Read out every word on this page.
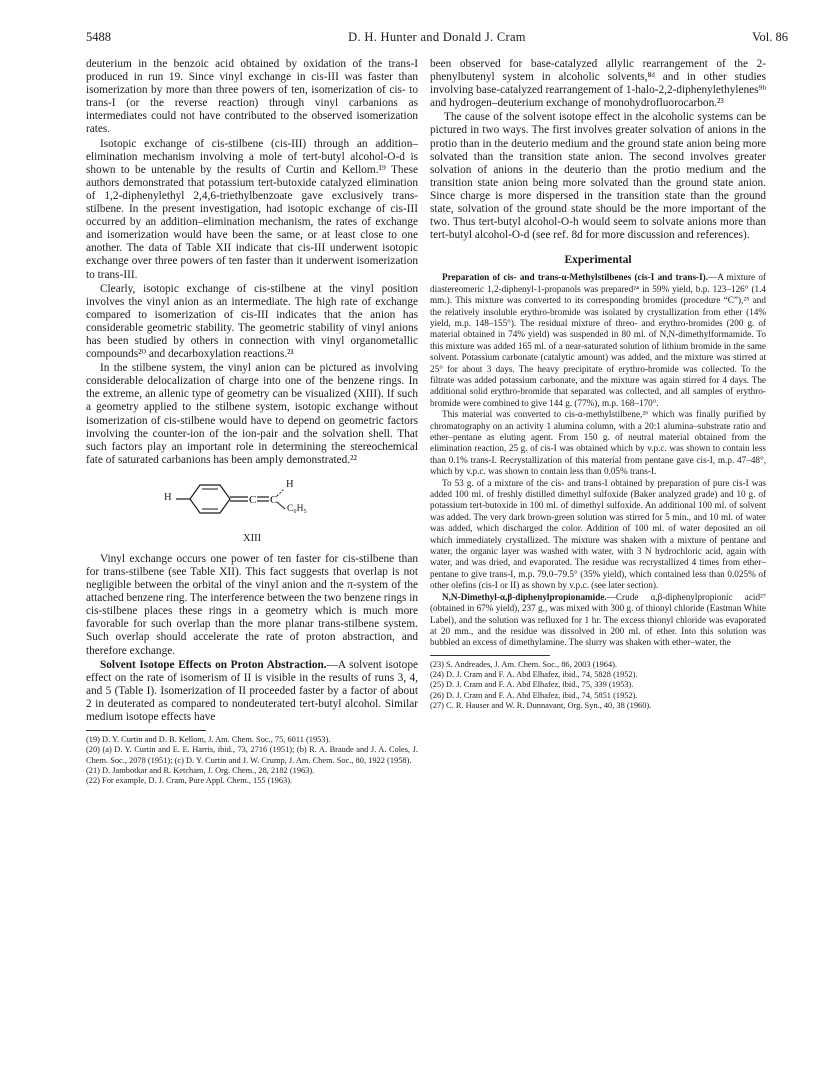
5488	D. H. Hunter and Donald J. Cram	Vol. 86

deuterium in the benzoic acid obtained by oxidation of the trans-I produced in run 19. Since vinyl exchange in cis-III was faster than isomerization by more than three powers of ten, isomerization of cis- to trans-I (or the reverse reaction) through vinyl carbanions as intermediates could not have contributed to the observed isomerization rates.

Isotopic exchange of cis-stilbene (cis-III) through an addition–elimination mechanism involving a mole of tert-butyl alcohol-O-d is shown to be untenable by the results of Curtin and Kellom.¹⁹ These authors demonstrated that potassium tert-butoxide catalyzed elimination of 1,2-diphenylethyl 2,4,6-triethylbenzoate gave exclusively trans-stilbene. In the present investigation, had isotopic exchange of cis-III occurred by an addition–elimination mechanism, the rates of exchange and isomerization would have been the same, or at least close to one another. The data of Table XII indicate that cis-III underwent isotopic exchange over three powers of ten faster than it underwent isomerization to trans-III.

Clearly, isotopic exchange of cis-stilbene at the vinyl position involves the vinyl anion as an intermediate. The high rate of exchange compared to isomerization of cis-III indicates that the anion has considerable geometric stability. The geometric stability of vinyl anions has been studied by others in connection with vinyl organometallic compounds²⁰ and decarboxylation reactions.²¹

In the stilbene system, the vinyl anion can be pictured as involving considerable delocalization of charge into one of the benzene rings. In the extreme, an allenic type of geometry can be visualized (XIII). If such a geometry applied to the stilbene system, isotopic exchange without isomerization of cis-stilbene would have to depend on geometric factors involving the counter-ion of the ion-pair and the solvation shell. That such factors play an important role in determining the stereochemical fate of saturated carbanions has been amply demonstrated.²²

C C
H
H
C₆H₅
XIII

Vinyl exchange occurs one power of ten faster for cis-stilbene than for trans-stilbene (see Table XII). This fact suggests that overlap is not negligible between the orbital of the vinyl anion and the π-system of the attached benzene ring. The interference between the two benzene rings in cis-stilbene places these rings in a geometry which is much more favorable for such overlap than the more planar trans-stilbene system. Such overlap should accelerate the rate of proton abstraction, and therefore exchange.

Solvent Isotope Effects on Proton Abstraction.—A solvent isotope effect on the rate of isomerism of II is visible in the results of runs 3, 4, and 5 (Table I). Isomerization of II proceeded faster by a factor of about 2 in deuterated as compared to nondeuterated tert-butyl alcohol. Similar medium isotope effects have

(19) D. Y. Curtin and D. B. Kellom, J. Am. Chem. Soc., 75, 6011 (1953).

(20) (a) D. Y. Curtin and E. E. Harris, ibid., 73, 2716 (1951); (b) R. A. Braude and J. A. Coles, J. Chem. Soc., 2078 (1951); (c) D. Y. Curtin and J. W. Crump, J. Am. Chem. Soc., 80, 1922 (1958).

(21) D. Jambotkar and R. Ketcham, J. Org. Chem., 28, 2182 (1963).

(22) For example, D. J. Cram, Pure Appl. Chem., 155 (1963).

been observed for base-catalyzed allylic rearrangement of the 2-phenylbutenyl system in alcoholic solvents,⁸ᵈ and in other studies involving base-catalyzed rearrangement of 1-halo-2,2-diphenylethylenes⁹ᵇ and hydrogen–deuterium exchange of monohydrofluorocarbon.²³

The cause of the solvent isotope effect in the alcoholic systems can be pictured in two ways. The first involves greater solvation of anions in the protio than in the deuterio medium and the ground state anion being more solvated than the transition state anion. The second involves greater solvation of anions in the deuterio than the protio medium and the transition state anion being more solvated than the ground state anion. Since charge is more dispersed in the transition state than the ground state, solvation of the ground state should be the more important of the two. Thus tert-butyl alcohol-O-h would seem to solvate anions more than tert-butyl alcohol-O-d (see ref. 8d for more discussion and references).

Experimental

Preparation of cis- and trans-α-Methylstilbenes (cis-I and trans-I).—A mixture of diastereomeric 1,2-diphenyl-1-propanols was prepared²⁴ in 59% yield, b.p. 123–126° (1.4 mm.). This mixture was converted to its corresponding bromides (procedure “C”),²⁵ and the relatively insoluble erythro-bromide was isolated by crystallization from ether (14% yield, m.p. 148–155°). The residual mixture of threo- and erythro-bromides (200 g. of material obtained in 74% yield) was suspended in 80 ml. of N,N-dimethylformamide. To this mixture was added 165 ml. of a near-saturated solution of lithium bromide in the same solvent. Potassium carbonate (catalytic amount) was added, and the mixture was stirred at 25° for about 3 days. The heavy precipitate of erythro-bromide was collected. To the filtrate was added potassium carbonate, and the mixture was again stirred for 4 days. The additional solid erythro-bromide that separated was collected, and all samples of erythro-bromide were combined to give 144 g. (77%), m.p. 168–170°.

This material was converted to cis-α-methylstilbene,²⁶ which was finally purified by chromatography on an activity 1 alumina column, with a 20:1 alumina–substrate ratio and ether–pentane as eluting agent. From 150 g. of neutral material obtained from the elimination reaction, 25 g. of cis-I was obtained which by v.p.c. was shown to contain less than 0.1% trans-I. Recrystallization of this material from pentane gave cis-I, m.p. 47–48°, which by v.p.c. was shown to contain less than 0.05% trans-I.

To 53 g. of a mixture of the cis- and trans-I obtained by preparation of pure cis-I was added 100 ml. of freshly distilled dimethyl sulfoxide (Baker analyzed grade) and 10 g. of potassium tert-butoxide in 100 ml. of dimethyl sulfoxide. An additional 100 ml. of solvent was added. The very dark brown-green solution was stirred for 5 min., and 10 ml. of water was added, which discharged the color. Addition of 100 ml. of water deposited an oil which immediately crystallized. The mixture was shaken with a mixture of pentane and water, the organic layer was washed with water, with 3 N hydrochloric acid, again with water, and was dried, and evaporated. The residue was recrystallized 4 times from ether–pentane to give trans-I, m.p. 79.0–79.5° (35% yield), which contained less than 0.025% of other olefins (cis-I or II) as shown by v.p.c. (see later section).

N,N-Dimethyl-α,β-diphenylpropionamide.—Crude α,β-diphenylpropionic acid²⁷ (obtained in 67% yield), 237 g., was mixed with 300 g. of thionyl chloride (Eastman White Label), and the solution was refluxed for 1 hr. The excess thionyl chloride was evaporated at 20 mm., and the residue was dissolved in 200 ml. of ether. Into this solution was bubbled an excess of dimethylamine. The slurry was shaken with ether–water, the

(23) S. Andreades, J. Am. Chem. Soc., 86, 2003 (1964).

(24) D. J. Cram and F. A. Abd Elhafez, ibid., 74, 5828 (1952).

(25) D. J. Cram and F. A. Abd Elhafez, ibid., 75, 339 (1953).

(26) D. J. Cram and F. A. Abd Elhafez, ibid., 74, 5851 (1952).

(27) C. R. Hauser and W. R. Dunnavant, Org. Syn., 40, 38 (1960).
